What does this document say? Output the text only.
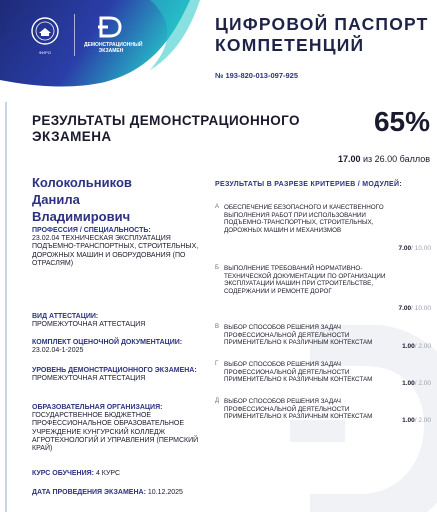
ФИРО
ДЕМОНСТРАЦИОННЫЙ ЭКЗАМЕН
ЦИФРОВОЙ ПАСПОРТ
КОМПЕТЕНЦИЙ
№ 193-820-013-097-925
РЕЗУЛЬТАТЫ ДЕМОНСТРАЦИОННОГО
ЭКЗАМЕНА	65%
17.00 из 26.00 баллов
Колокольников
Данила
Владимирович
ПРОФЕССИЯ / СПЕЦИАЛЬНОСТЬ:
23.02.04 ТЕХНИЧЕСКАЯ ЭКСПЛУАТАЦИЯ ПОДЪЕМНО-ТРАНСПОРТНЫХ, СТРОИТЕЛЬНЫХ, ДОРОЖНЫХ МАШИН И ОБОРУДОВАНИЯ (ПО ОТРАСЛЯМ)
ВИД АТТЕСТАЦИИ:
ПРОМЕЖУТОЧНАЯ АТТЕСТАЦИЯ
КОМПЛЕКТ ОЦЕНОЧНОЙ ДОКУМЕНТАЦИИ:
23.02.04-1-2025
УРОВЕНЬ ДЕМОНСТРАЦИОННОГО ЭКЗАМЕНА:
ПРОМЕЖУТОЧНАЯ АТТЕСТАЦИЯ
ОБРАЗОВАТЕЛЬНАЯ ОРГАНИЗАЦИЯ:
ГОСУДАРСТВЕННОЕ БЮДЖЕТНОЕ ПРОФЕССИОНАЛЬНОЕ ОБРАЗОВАТЕЛЬНОЕ УЧРЕЖДЕНИЕ КУНГУРСКИЙ КОЛЛЕДЖ АГРОТЕХНОЛОГИЙ И УПРАВЛЕНИЯ (ПЕРМСКИЙ КРАЙ)
КУРС ОБУЧЕНИЯ: 4 КУРС
ДАТА ПРОВЕДЕНИЯ ЭКЗАМЕНА: 10.12.2025
РЕЗУЛЬТАТЫ В РАЗРЕЗЕ КРИТЕРИЕВ / МОДУЛЕЙ:
А ОБЕСПЕЧЕНИЕ БЕЗОПАСНОГО И КАЧЕСТВЕННОГО ВЫПОЛНЕНИЯ РАБОТ ПРИ ИСПОЛЬЗОВАНИИ ПОДЪЕМНО-ТРАНСПОРТНЫХ, СТРОИТЕЛЬНЫХ, ДОРОЖНЫХ МАШИН И МЕХАНИЗМОВ
7.00/ 10.00
Б ВЫПОЛНЕНИЕ ТРЕБОВАНИЙ НОРМАТИВНО-ТЕХНИЧЕСКОЙ ДОКУМЕНТАЦИИ ПО ОРГАНИЗАЦИИ ЭКСПЛУАТАЦИИ МАШИН ПРИ СТРОИТЕЛЬСТВЕ, СОДЕРЖАНИИ И РЕМОНТЕ ДОРОГ
7.00/ 10.00
В ВЫБОР СПОСОБОВ РЕШЕНИЯ ЗАДАЧ ПРОФЕССИОНАЛЬНОЙ ДЕЯТЕЛЬНОСТИ ПРИМЕНИТЕЛЬНО К РАЗЛИЧНЫМ КОНТЕКСТАМ
1.00/ 2.00
Г ВЫБОР СПОСОБОВ РЕШЕНИЯ ЗАДАЧ ПРОФЕССИОНАЛЬНОЙ ДЕЯТЕЛЬНОСТИ ПРИМЕНИТЕЛЬНО К РАЗЛИЧНЫМ КОНТЕКСТАМ
1.00/ 2.00
Д ВЫБОР СПОСОБОВ РЕШЕНИЯ ЗАДАЧ ПРОФЕССИОНАЛЬНОЙ ДЕЯТЕЛЬНОСТИ ПРИМЕНИТЕЛЬНО К РАЗЛИЧНЫМ КОНТЕКСТАМ
1.00/ 2.00
